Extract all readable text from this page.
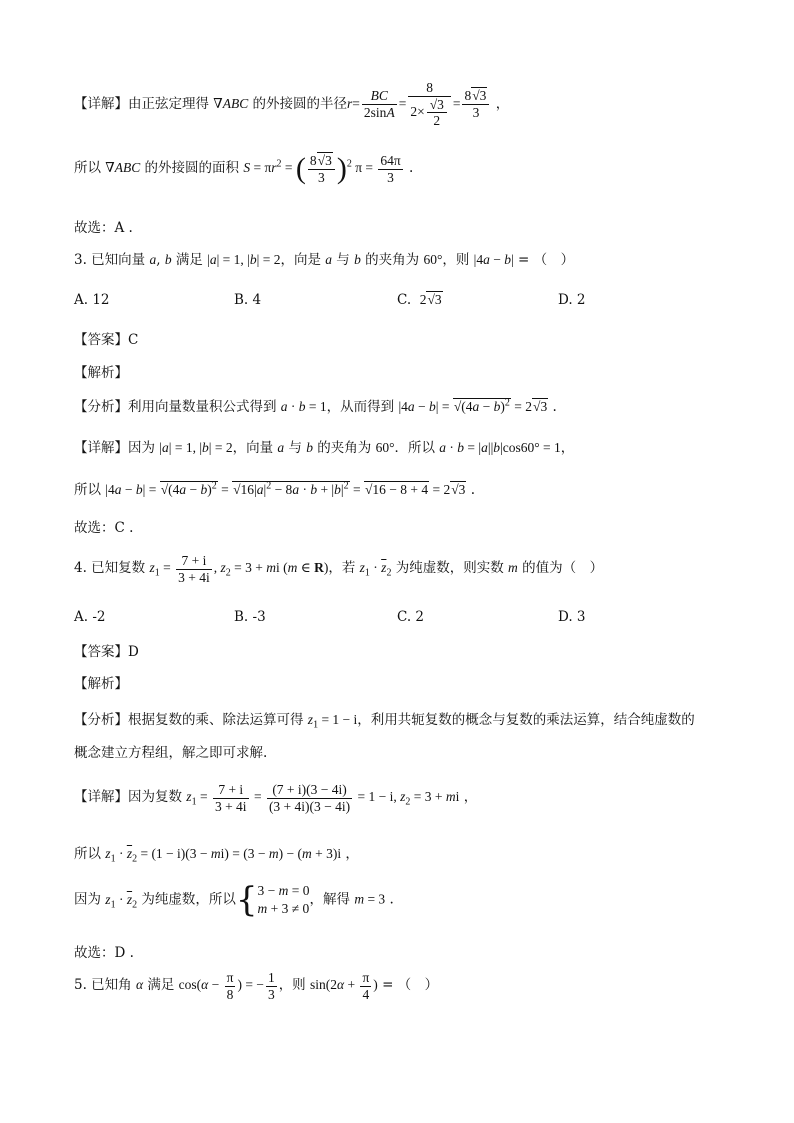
【详解】由正弦定理得 ∇ABC 的外接圆的半径$r= \frac{BC}{2\sin A} = \frac{8}{2\times \frac{√3}{2}} = \frac{8√3}{3}$ ，
所以 ∇ABC 的外接圆的面积 $S = \pi r^2$ = ( $\frac{8√3}{3} )^2$ $\pi = \frac{64\pi}{3}$ .
故选：A .
3. 已知向量 a, b 满足 |a| = 1, |b| = 2，向是 a 与 b 的夹角为 60°，则 |4a − b| = （　）
A. 12	B. 4	C.  2√3	D. 2
【答案】C
【解析】
【分析】利用向量数量积公式得到 a · b = 1，从而得到 $|4a - b| = √(4a - b)^2 = 2√3$ .
【详解】因为 |a| = 1, |b| = 2，向量 a 与 b 的夹角为 60°．所以 a · b = |a||b|cos60° = 1，
所以 $|4a - b| = √(4a - b)^2 = √16|a|^2 - 8a \cdot b + |b|^2 = √16 - 8 + 4 = 2√3$ .
故选：C .
4. 已知复数 $z_1 = \frac{7 + i}{3 + 4i}$ , $z_2 = 3$ + mi (m ∈ R)，若 $z_1 \cdot \overline{z}_2$ 为纯虚数，则实数 m 的值为（　）
A. -2	B. -3	C. 2	D. 3
【答案】D
【解析】
【分析】根据复数的乘、除法运算可得 $z_1 = 1 - i$，利用共轭复数的概念与复数的乘法运算，结合纯虚数的
概念建立方程组，解之即可求解.
【详解】因为复数 $z_1 = \frac{7 + i}{3 + 4i} = \frac{(7 + i)(3 - 4i)}{(3 + 4i)(3 - 4i)} = 1 - i$, $z_2 = 3$ + mi ，
所以 $z_1 \cdot \overline{z}_2 = (1 - i)(3 - mi) = (3 - m) - (m + 3)i$ ，
因为 $z_1 \cdot \overline{z}_2$ 为纯虚数，所以{ 3 − m = 0
m + 3 ≠ 0
，解得 m = 3 .
故选：D .
5. 已知角 α 满足 $\cos(\alpha - \frac{\pi}{8}$ ) = − $\frac{1}{3}$ ，则 $\sin(2\alpha + \frac{\pi}{4}$ ) = （　）
